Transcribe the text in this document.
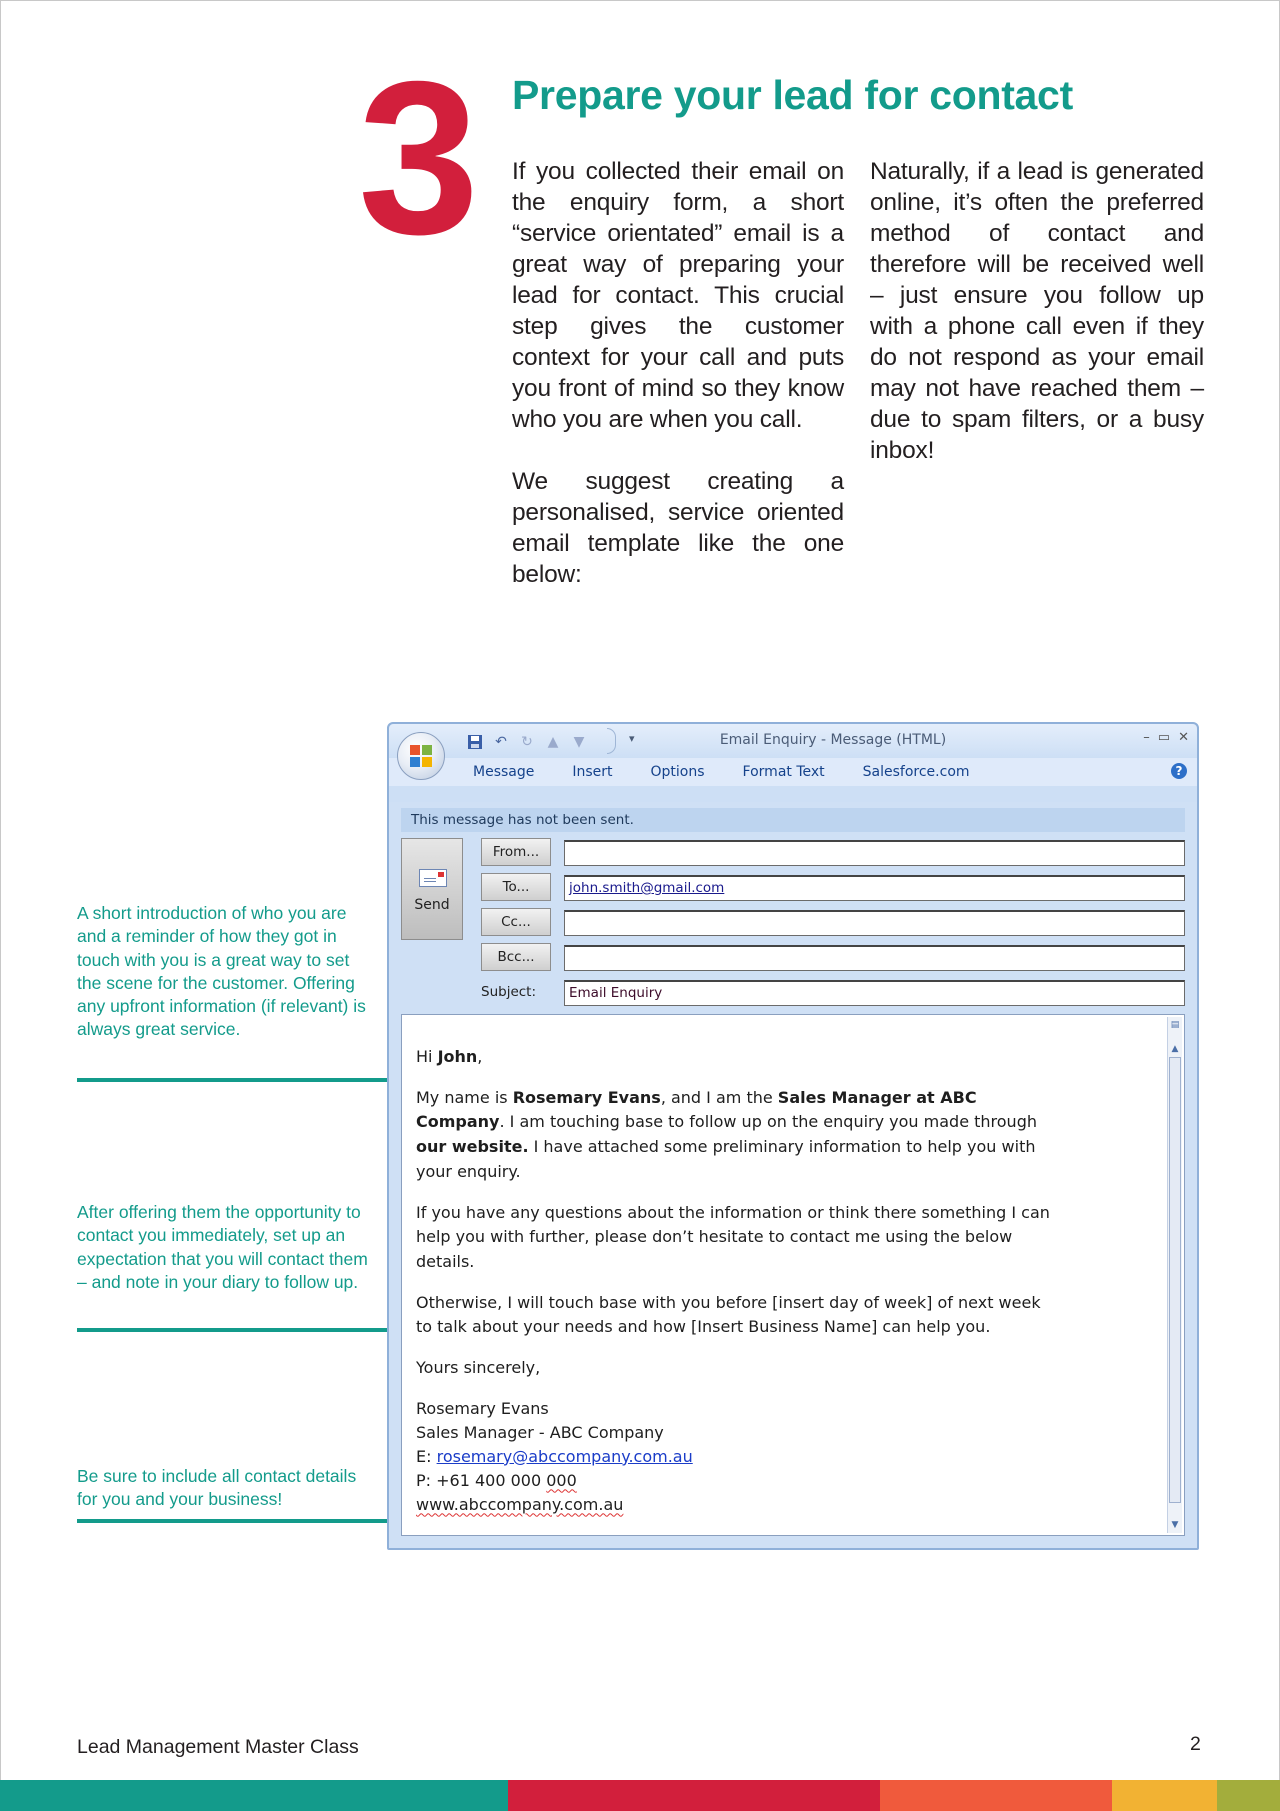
3 Prepare your lead for contact

If you collected their email on the enquiry form, a short “service orientated” email is a great way of preparing your lead for contact. This crucial step gives the customer context for your call and puts you front of mind so they know who you are when you call.

We suggest creating a personalised, service oriented email template like the one below:

Naturally, if a lead is generated online, it’s often the preferred method of contact and therefore will be received well – just ensure you follow up with a phone call even if they do not respond as your email may not have reached them – due to spam filters, or a busy inbox!

A short introduction of who you are and a reminder of how they got in touch with you is a great way to set the scene for the customer. Offering any upfront information (if relevant) is always great service.
After offering them the opportunity to contact you immediately, set up an expectation that you will contact them – and note in your diary to follow up.
Be sure to include all contact details for you and your business!
↶ ↻	▲	▼	▾	Email Enquiry - Message (HTML)	– ▭ ✕
Message	Insert	Options	Format Text	Salesforce.com	?
This message has not been sent.
Send
From...
To...	john.smith@gmail.com
Cc...
Bcc...
Subject:	Email Enquiry

Hi John,

My name is Rosemary Evans, and I am the Sales Manager at ABC Company. I am touching base to follow up on the enquiry you made through our website. I have attached some preliminary information to help you with your enquiry.

If you have any questions about the information or think there something I can help you with further, please don’t hesitate to contact me using the below details.

Otherwise, I will touch base with you before [insert day of week] of next week to talk about your needs and how [Insert Business Name] can help you.

Yours sincerely,

Rosemary Evans

Sales Manager - ABC Company

E: rosemary@abccompany.com.au

P: +61 400 000 000

www.abccompany.com.au

▤
▲
▼
Lead Management Master Class	2
